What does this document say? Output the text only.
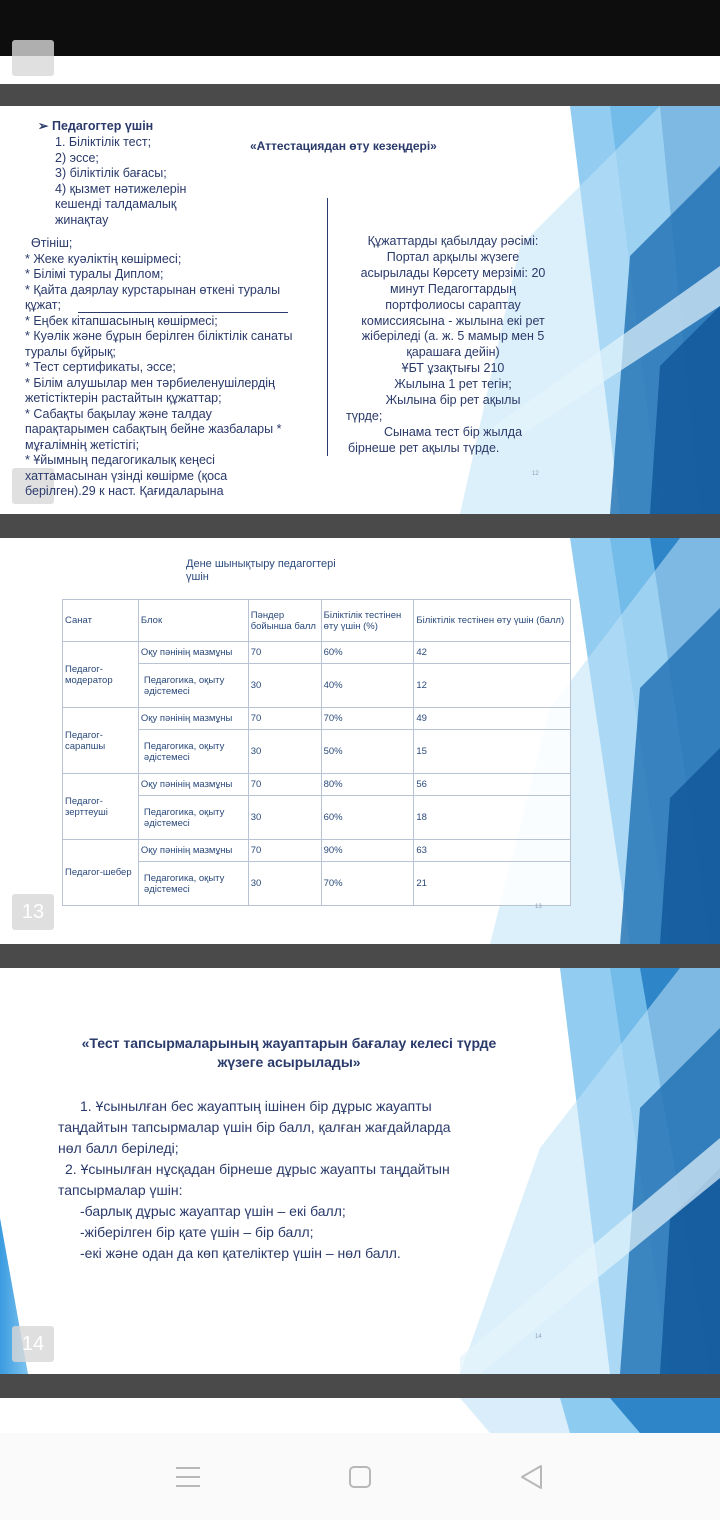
➢ Педагогтер үшін
1. Біліктілік тест;
2) эссе;
3) біліктілік бағасы;
4) қызмет нәтижелерін
кешенді талдамалық
жинақтау
«Аттестациядан өту кезеңдері»
Өтініш;
* Жеке куәліктің көшірмесі;
* Білімі туралы Диплом;
* Қайта даярлау курстарынан өткені туралы
құжат;
* Еңбек кітапшасының көшірмесі;
* Куәлік және бұрын берілген біліктілік санаты
туралы бұйрық;
* Тест сертификаты, эссе;
* Білім алушылар мен тәрбиеленушілердің
жетістіктерін растайтын құжаттар;
* Сабақты бақылау және талдау
парақтарымен сабақтың бейне жазбалары *
мұғалімнің жетістігі;
* Ұйымның педагогикалық кеңесі
хаттамасынан үзінді көшірме (қоса
берілген).29 к наст. Қағидаларына
Құжаттарды қабылдау рәсімі:
Портал арқылы жүзеге
асырылады Көрсету мерзімі: 20
минут Педагогтардың
портфолиосы сараптау
комиссиясына - жылына екі рет
жіберіледі (а. ж. 5 мамыр мен 5
қарашаға дейін)
ҰБТ ұзақтығы 210
Жылына 1 рет тегін;
Жылына бір рет ақылы
түрде;
Сынама тест бір жылда
бірнеше рет ақылы түрде.
12
13
Дене шынықтыру педагогтері
үшін
Санат	Блок	Пәндер бойынша балл	Біліктілік тестінен өту үшін (%)	Біліктілік тестінен өту үшін (балл)
Педагог-модератор	Оқу пәнінің мазмұны	70	60%	42
	Педагогика, оқыту әдістемесі	30	40%	12
Педагог-сарапшы	Оқу пәнінің мазмұны	70	70%	49
	Педагогика, оқыту әдістемесі	30	50%	15
Педагог-зерттеуші	Оқу пәнінің мазмұны	70	80%	56
	Педагогика, оқыту әдістемесі	30	60%	18
Педагог-шебер	Оқу пәнінің мазмұны	70	90%	63
	Педагогика, оқыту әдістемесі	30	70%	21
13
14
«Тест тапсырмаларының жауаптарын бағалау келесі түрде
жүзеге асырылады»
1. Ұсынылған бес жауаптың ішінен бір дұрыс жауапты
таңдайтын тапсырмалар үшін бір балл, қалған жағдайларда
нөл балл беріледі;
2. Ұсынылған нұсқадан бірнеше дұрыс жауапты таңдайтын
тапсырмалар үшін:
-барлық дұрыс жауаптар үшін – екі балл;
-жіберілген бір қате үшін – бір балл;
-екі және одан да көп қателіктер үшін – нөл балл.
14
